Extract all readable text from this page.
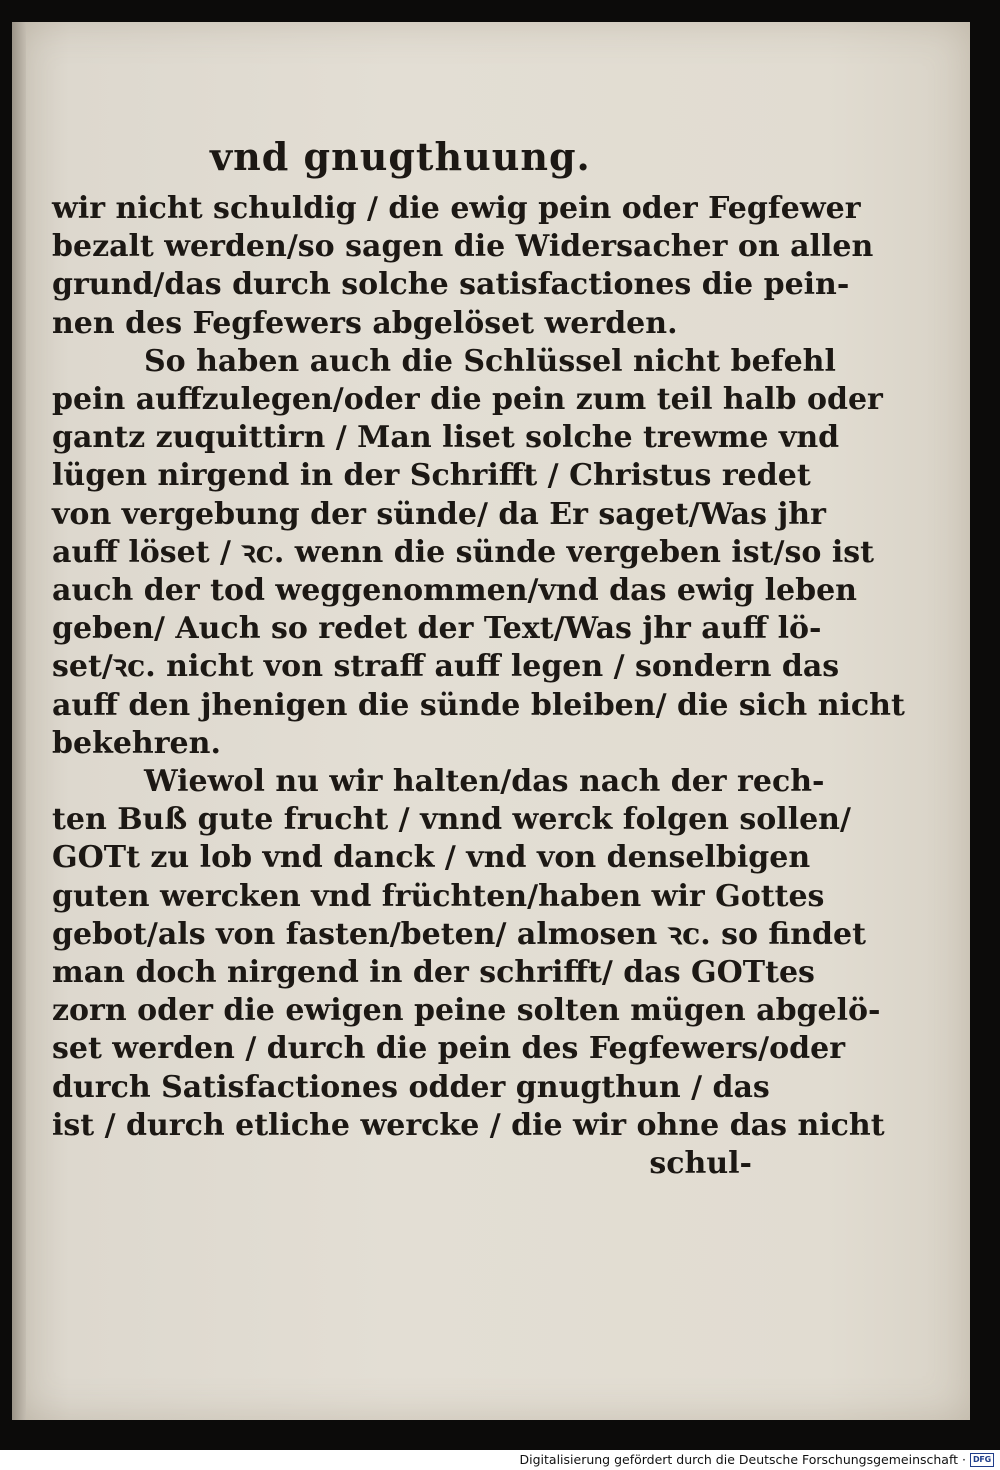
vnd gnugthuung.
wir nicht schuldig / die ewig pein oder Fegfewer
bezalt werden/so sagen die Widersacher on allen
grund/das durch solche satisfactiones die pein-
nen des Fegfewers abgelöset werden.
So haben auch die Schlüssel nicht befehl
pein auffzulegen/oder die pein zum teil halb oder
gantz zuquittirn / Man liset solche trewme vnd
lügen nirgend in der Schrifft / Christus redet
von vergebung der sünde/ da Er saget/Was jhr
auff löset / ꝛc. wenn die sünde vergeben ist/so ist
auch der tod weggenommen/vnd das ewig leben
geben/ Auch so redet der Text/Was jhr auff lö-
set/ꝛc. nicht von straff auff legen / sondern das
auff den jhenigen die sünde bleiben/ die sich nicht
bekehren.
Wiewol nu wir halten/das nach der rech-
ten Buß gute frucht / vnnd werck folgen sollen/
GOTt zu lob vnd danck / vnd von denselbigen
guten wercken vnd früchten/haben wir Gottes
gebot/als von fasten/beten/ almosen ꝛc. so findet
man doch nirgend in der schrifft/ das GOTtes
zorn oder die ewigen peine solten mügen abgelö-
set werden / durch die pein des Fegfewers/oder
durch Satisfactiones odder gnugthun / das
ist / durch etliche wercke / die wir ohne das nicht
schul-
Digitalisierung gefördert durch die Deutsche Forschungsgemeinschaft · DFG
